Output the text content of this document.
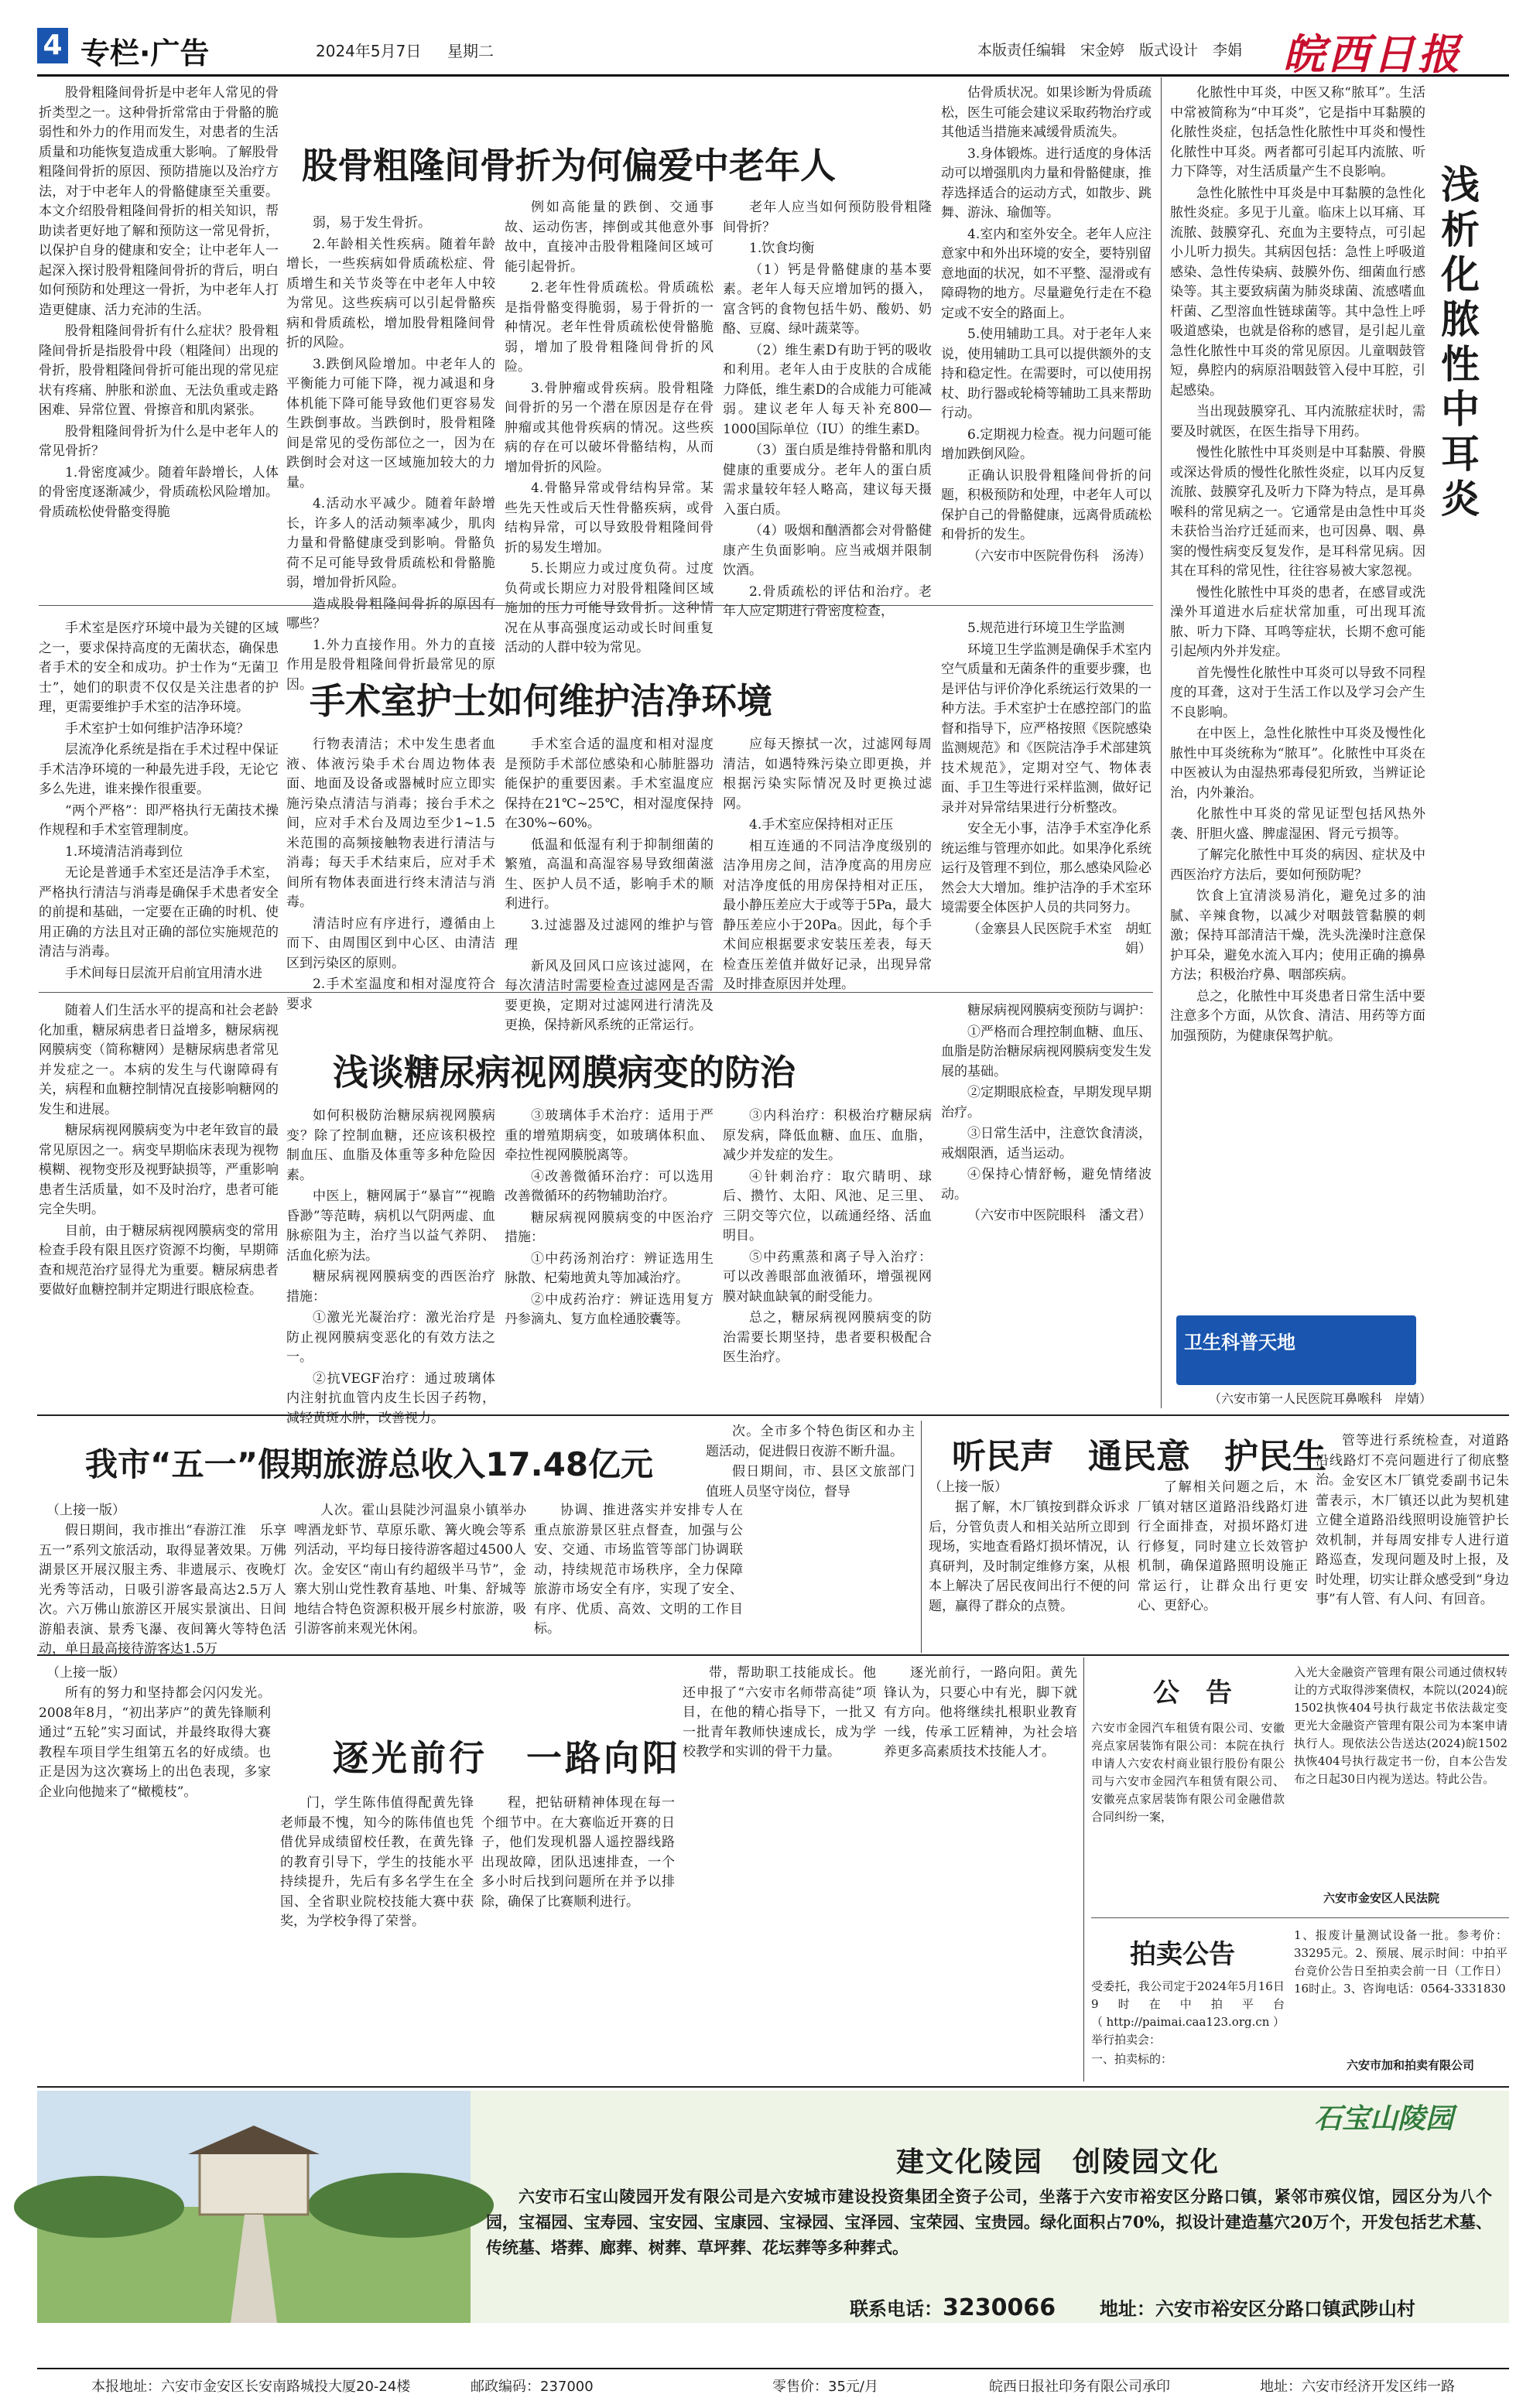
4 专栏·广告	2024年5月7日 星期二	本版责任编辑　宋金婷　版式设计　李娟 皖西日报
股骨粗隆间骨折为何偏爱中老年人

股骨粗隆间骨折是中老年人常见的骨折类型之一。这种骨折常常由于骨骼的脆弱性和外力的作用而发生，对患者的生活质量和功能恢复造成重大影响。了解股骨粗隆间骨折的原因、预防措施以及治疗方法，对于中老年人的骨骼健康至关重要。本文介绍股骨粗隆间骨折的相关知识，帮助读者更好地了解和预防这一常见骨折，以保护自身的健康和安全；让中老年人一起深入探讨股骨粗隆间骨折的背后，明白如何预防和处理这一骨折，为中老年人打造更健康、活力充沛的生活。

股骨粗隆间骨折有什么症状？股骨粗隆间骨折是指股骨中段（粗隆间）出现的骨折，股骨粗隆间骨折可能出现的常见症状有疼痛、肿胀和淤血、无法负重或走路困难、异常位置、骨擦音和肌肉紧张。

股骨粗隆间骨折为什么是中老年人的常见骨折？

1.骨密度减少。随着年龄增长，人体的骨密度逐渐减少，骨质疏松风险增加。骨质疏松使骨骼变得脆

弱，易于发生骨折。

2.年龄相关性疾病。随着年龄增长，一些疾病如骨质疏松症、骨质增生和关节炎等在中老年人中较为常见。这些疾病可以引起骨骼疾病和骨质疏松，增加股骨粗隆间骨折的风险。

3.跌倒风险增加。中老年人的平衡能力可能下降，视力减退和身体机能下降可能导致他们更容易发生跌倒事故。当跌倒时，股骨粗隆间是常见的受伤部位之一，因为在跌倒时会对这一区域施加较大的力量。

4.活动水平减少。随着年龄增长，许多人的活动频率减少，肌肉力量和骨骼健康受到影响。骨骼负荷不足可能导致骨质疏松和骨骼脆弱，增加骨折风险。

造成股骨粗隆间骨折的原因有哪些？

1.外力直接作用。外力的直接作用是股骨粗隆间骨折最常见的原因。

例如高能量的跌倒、交通事故、运动伤害，摔倒或其他意外事故中，直接冲击股骨粗隆间区域可能引起骨折。

2.老年性骨质疏松。骨质疏松是指骨骼变得脆弱，易于骨折的一种情况。老年性骨质疏松使骨骼脆弱，增加了股骨粗隆间骨折的风险。

3.骨肿瘤或骨疾病。股骨粗隆间骨折的另一个潜在原因是存在骨肿瘤或其他骨疾病的情况。这些疾病的存在可以破坏骨骼结构，从而增加骨折的风险。

4.骨骼异常或骨结构异常。某些先天性或后天性骨骼疾病，或骨结构异常，可以导致股骨粗隆间骨折的易发生增加。

5.长期应力或过度负荷。过度负荷或长期应力对股骨粗隆间区域施加的压力可能导致骨折。这种情况在从事高强度运动或长时间重复活动的人群中较为常见。

老年人应当如何预防股骨粗隆间骨折？

1.饮食均衡

（1）钙是骨骼健康的基本要素。老年人每天应增加钙的摄入，富含钙的食物包括牛奶、酸奶、奶酪、豆腐、绿叶蔬菜等。

（2）维生素D有助于钙的吸收和利用。老年人由于皮肤的合成能力降低，维生素D的合成能力可能减弱。建议老年人每天补充800—1000国际单位（IU）的维生素D。

（3）蛋白质是维持骨骼和肌肉健康的重要成分。老年人的蛋白质需求量较年轻人略高，建议每天摄入蛋白质。

（4）吸烟和酗酒都会对骨骼健康产生负面影响。应当戒烟并限制饮酒。

2.骨质疏松的评估和治疗。老年人应定期进行骨密度检查，

估骨质状况。如果诊断为骨质疏松，医生可能会建议采取药物治疗或其他适当措施来减缓骨质流失。

3.身体锻炼。进行适度的身体活动可以增强肌肉力量和骨骼健康，推荐选择适合的运动方式，如散步、跳舞、游泳、瑜伽等。

4.室内和室外安全。老年人应注意家中和外出环境的安全，要特别留意地面的状况，如不平整、湿滑或有障碍物的地方。尽量避免行走在不稳定或不安全的路面上。

5.使用辅助工具。对于老年人来说，使用辅助工具可以提供额外的支持和稳定性。在需要时，可以使用拐杖、助行器或轮椅等辅助工具来帮助行动。

6.定期视力检查。视力问题可能增加跌倒风险。

正确认识股骨粗隆间骨折的问题，积极预防和处理，中老年人可以保护自己的骨骼健康，远离骨质疏松和骨折的发生。

（六安市中医院骨伤科　汤涛）

化脓性中耳炎，中医又称“脓耳”。生活中常被简称为“中耳炎”，它是指中耳黏膜的化脓性炎症，包括急性化脓性中耳炎和慢性化脓性中耳炎。两者都可引起耳内流脓、听力下降等，对生活质量产生不良影响。

急性化脓性中耳炎是中耳黏膜的急性化脓性炎症。多见于儿童。临床上以耳痛、耳流脓、鼓膜穿孔、充血为主要特点，可引起小儿听力损失。其病因包括：急性上呼吸道感染、急性传染病、鼓膜外伤、细菌血行感染等。其主要致病菌为肺炎球菌、流感嗜血杆菌、乙型溶血性链球菌等。其中急性上呼吸道感染，也就是俗称的感冒，是引起儿童急性化脓性中耳炎的常见原因。儿童咽鼓管短，鼻腔内的病原沿咽鼓管入侵中耳腔，引起感染。

当出现鼓膜穿孔、耳内流脓症状时，需要及时就医，在医生指导下用药。

慢性化脓性中耳炎则是中耳黏膜、骨膜或深达骨质的慢性化脓性炎症，以耳内反复流脓、鼓膜穿孔及听力下降为特点，是耳鼻喉科的常见病之一。它通常是由急性中耳炎未获恰当治疗迁延而来，也可因鼻、咽、鼻窦的慢性病变反复发作，是耳科常见病。因其在耳科的常见性，往往容易被大家忽视。

慢性化脓性中耳炎的患者，在感冒或洗澡外耳道进水后症状常加重，可出现耳流脓、听力下降、耳鸣等症状，长期不愈可能引起颅内外并发症。

首先慢性化脓性中耳炎可以导致不同程度的耳聋，这对于生活工作以及学习会产生不良影响。

在中医上，急性化脓性中耳炎及慢性化脓性中耳炎统称为“脓耳”。化脓性中耳炎在中医被认为由湿热邪毒侵犯所致，当辨证论治，内外兼治。

化脓性中耳炎的常见证型包括风热外袭、肝胆火盛、脾虚湿困、肾元亏损等。

了解完化脓性中耳炎的病因、症状及中西医治疗方法后，要如何预防呢？

饮食上宜清淡易消化，避免过多的油腻、辛辣食物，以减少对咽鼓管黏膜的刺激；保持耳部清洁干燥，洗头洗澡时注意保护耳朵，避免水流入耳内；使用正确的擤鼻方法；积极治疗鼻、咽部疾病。

总之，化脓性中耳炎患者日常生活中要注意多个方面，从饮食、清洁、用药等方面加强预防，为健康保驾护航。

浅析化脓性中耳炎
卫生科普天地
（六安市第一人民医院耳鼻喉科　岸婧）
手术室护士如何维护洁净环境

手术室是医疗环境中最为关键的区域之一，要求保持高度的无菌状态，确保患者手术的安全和成功。护士作为“无菌卫士”，她们的职责不仅仅是关注患者的护理，更需要维护手术室的洁净环境。

手术室护士如何维护洁净环境？

层流净化系统是指在手术过程中保证手术洁净环境的一种最先进手段，无论它多么先进，谁来操作很重要。

“两个严格”：即严格执行无菌技术操作规程和手术室管理制度。

1.环境清洁消毒到位

无论是普通手术室还是洁净手术室，严格执行清洁与消毒是确保手术患者安全的前提和基础，一定要在正确的时机、使用正确的方法且对正确的部位实施规范的清洁与消毒。

手术间每日层流开启前宜用清水进

行物表清洁；术中发生患者血液、体液污染手术台周边物体表面、地面及设备或器械时应立即实施污染点清洁与消毒；接台手术之间，应对手术台及周边至少1~1.5米范围的高频接触物表进行清洁与消毒；每天手术结束后，应对手术间所有物体表面进行终末清洁与消毒。

清洁时应有序进行，遵循由上而下、由周围区到中心区、由清洁区到污染区的原则。

2.手术室温度和相对湿度符合要求

手术室合适的温度和相对湿度是预防手术部位感染和心肺脏器功能保护的重要因素。手术室温度应保持在21℃~25℃，相对湿度保持在30%~60%。

低温和低湿有利于抑制细菌的繁殖，高温和高湿容易导致细菌滋生、医护人员不适，影响手术的顺利进行。

3.过滤器及过滤网的维护与管理

新风及回风口应该过滤网，在每次清洁时需要检查过滤网是否需要更换，定期对过滤网进行清洗及更换，保持新风系统的正常运行。

应每天擦拭一次，过滤网每周清洁，如遇特殊污染立即更换，并根据污染实际情况及时更换过滤网。

4.手术室应保持相对正压

相互连通的不同洁净度级别的洁净用房之间，洁净度高的用房应对洁净度低的用房保持相对正压，最小静压差应大于或等于5Pa，最大静压差应小于20Pa。因此，每个手术间应根据要求安装压差表，每天检查压差值并做好记录，出现异常及时排查原因并处理。

5.规范进行环境卫生学监测

环境卫生学监测是确保手术室内空气质量和无菌条件的重要步骤，也是评估与评价净化系统运行效果的一种方法。手术室护士在感控部门的监督和指导下，应严格按照《医院感染监测规范》和《医院洁净手术部建筑技术规范》，定期对空气、物体表面、手卫生等进行采样监测，做好记录并对异常结果进行分析整改。

安全无小事，洁净手术室净化系统运维与管理亦如此。如果净化系统运行及管理不到位，那么感染风险必然会大大增加。维护洁净的手术室环境需要全体医护人员的共同努力。

（金寨县人民医院手术室　胡虹娟）

浅谈糖尿病视网膜病变的防治

随着人们生活水平的提高和社会老龄化加重，糖尿病患者日益增多，糖尿病视网膜病变（简称糖网）是糖尿病患者常见并发症之一。本病的发生与代谢障碍有关，病程和血糖控制情况直接影响糖网的发生和进展。

糖尿病视网膜病变为中老年致盲的最常见原因之一。病变早期临床表现为视物模糊、视物变形及视野缺损等，严重影响患者生活质量，如不及时治疗，患者可能完全失明。

目前，由于糖尿病视网膜病变的常用检查手段有限且医疗资源不均衡，早期筛查和规范治疗显得尤为重要。糖尿病患者要做好血糖控制并定期进行眼底检查。

如何积极防治糖尿病视网膜病变？除了控制血糖，还应该积极控制血压、血脂及体重等多种危险因素。

中医上，糖网属于“暴盲”“视瞻昏渺”等范畴，病机以气阴两虚、血脉瘀阻为主，治疗当以益气养阴、活血化瘀为法。

糖尿病视网膜病变的西医治疗措施：

①激光光凝治疗：激光治疗是防止视网膜病变恶化的有效方法之一。

②抗VEGF治疗：通过玻璃体内注射抗血管内皮生长因子药物，减轻黄斑水肿，改善视力。

③玻璃体手术治疗：适用于严重的增殖期病变，如玻璃体积血、牵拉性视网膜脱离等。

④改善微循环治疗：可以选用改善微循环的药物辅助治疗。

糖尿病视网膜病变的中医治疗措施：

①中药汤剂治疗：辨证选用生脉散、杞菊地黄丸等加减治疗。

②中成药治疗：辨证选用复方丹参滴丸、复方血栓通胶囊等。

③内科治疗：积极治疗糖尿病原发病，降低血糖、血压、血脂，减少并发症的发生。

④针刺治疗：取穴睛明、球后、攒竹、太阳、风池、足三里、三阴交等穴位，以疏通经络、活血明目。

⑤中药熏蒸和离子导入治疗：可以改善眼部血液循环，增强视网膜对缺血缺氧的耐受能力。

总之，糖尿病视网膜病变的防治需要长期坚持，患者要积极配合医生治疗。

糖尿病视网膜病变预防与调护：

①严格而合理控制血糖、血压、血脂是防治糖尿病视网膜病变发生发展的基础。

②定期眼底检查，早期发现早期治疗。

③日常生活中，注意饮食清淡，戒烟限酒，适当运动。

④保持心情舒畅，避免情绪波动。

（六安市中医院眼科　潘文君）

次。全市多个特色街区和办主题活动，促进假日夜游不断升温。
我市“五一”假期旅游总收入17.48亿元
（上接一版）
假日期间，我市推出“春游江淮　乐享五一”系列文旅活动，取得显著效果。万佛湖景区开展汉服主秀、非遗展示、夜晚灯光秀等活动，日吸引游客最高达2.5万人次。六万佛山旅游区开展实景演出、日间游船表演、景秀飞瀑、夜间篝火等特色活动，单日最高接待游客达1.5万
人次。霍山县陡沙河温泉小镇举办啤酒龙虾节、草原乐歌、篝火晚会等系列活动，平均每日接待游客超过4500人次。金安区“南山有约超级半马节”，金寨大别山党性教育基地、叶集、舒城等地结合特色资源积极开展乡村旅游，吸引游客前来观光休闲。
协调、推进落实并安排专人在重点旅游景区驻点督查，加强与公安、交通、市场监管等部门协调联动，持续规范市场秩序，全力保障旅游市场安全有序，实现了安全、有序、优质、高效、文明的工作目标。
假日期间，市、县区文旅部门值班人员坚守岗位，督导
听民声　通民意　护民生
（上接一版）
据了解，木厂镇按到群众诉求后，分管负责人和相关站所立即到现场，实地查看路灯损坏情况，认真研判，及时制定维修方案，从根本上解决了居民夜间出行不便的问题，赢得了群众的点赞。
了解相关问题之后，木厂镇对辖区道路沿线路灯进行全面排查，对损坏路灯进行修复，同时建立长效管护机制，确保道路照明设施正常运行，让群众出行更安心、更舒心。
管等进行系统检查，对道路沿线路灯不亮问题进行了彻底整治。 金安区木厂镇党委副书记朱蕾表示，木厂镇还以此为契机建立健全道路沿线照明设施管护长效机制，并每周安排专人进行道路巡查，发现问题及时上报，及时处理，切实让群众感受到“身边事”有人管、有人问、有回音。
逐光前行　一路向阳
（上接一版）
所有的努力和坚持都会闪闪发光。2008年8月，“初出茅庐”的黄先锋顺利通过“五轮”实习面试，并最终取得大赛教程车项目学生组第五名的好成绩。也正是因为这次赛场上的出色表现，多家企业向他抛来了“橄榄枝”。
门，学生陈伟值得配黄先锋老师最不愧，知今的陈伟值也凭借优异成绩留校任教，在黄先锋的教育引导下，学生的技能水平持续提升，先后有多名学生在全国、全省职业院校技能大赛中获奖，为学校争得了荣誉。
程，把钻研精神体现在每一个细节中。在大赛临近开赛的日子，他们发现机器人遥控器线路出现故障，团队迅速排查，一个多小时后找到问题所在并予以排除，确保了比赛顺利进行。
带，帮助职工技能成长。他还申报了“六安市名师带高徒”项目，在他的精心指导下，一批又一批青年教师快速成长，成为学校教学和实训的骨干力量。
逐光前行，一路向阳。黄先锋认为，只要心中有光，脚下就有方向。他将继续扎根职业教育一线，传承工匠精神，为社会培养更多高素质技术技能人才。
公　告
六安市金园汽车租赁有限公司、安徽亮点家居装饰有限公司：本院在执行申请人六安农村商业银行股份有限公司与六安市金园汽车租赁有限公司、安徽亮点家居装饰有限公司金融借款合同纠纷一案，
入光大金融资产管理有限公司通过债权转让的方式取得涉案债权，本院以(2024)皖1502执恢404号执行裁定书依法裁定变更光大金融资产管理有限公司为本案申请执行人。现依法公告送达(2024)皖1502执恢404号执行裁定书一份，自本公告发布之日起30日内视为送达。特此公告。
六安市金安区人民法院
拍卖公告
受委托，我公司定于2024年5月16日9时在中拍平台（http://paimai.caa123.org.cn）举行拍卖会：
一、拍卖标的：
1、报废计量测试设备一批。参考价：33295元。2、预展、展示时间：中拍平台竞价公告日至拍卖会前一日（工作日）16时止。3、咨询电话：0564-3331830
六安市加和拍卖有限公司
石宝山陵园
建文化陵园　创陵园文化
六安市石宝山陵园开发有限公司是六安城市建设投资集团全资子公司，坐落于六安市裕安区分路口镇，紧邻市殡仪馆，园区分为八个园，宝福园、宝寿园、宝安园、宝康园、宝禄园、宝泽园、宝荣园、宝贵园。绿化面积占70%，拟设计建造墓穴20万个，开发包括艺术墓、传统墓、塔葬、廊葬、树葬、草坪葬、花坛葬等多种葬式。
联系电话：3230066 地址：六安市裕安区分路口镇武陟山村
本报地址：六安市金安区长安南路城投大厦20-24楼	邮政编码：237000	零售价：35元/月	皖西日报社印务有限公司承印	地址：六安市经济开发区纬一路
